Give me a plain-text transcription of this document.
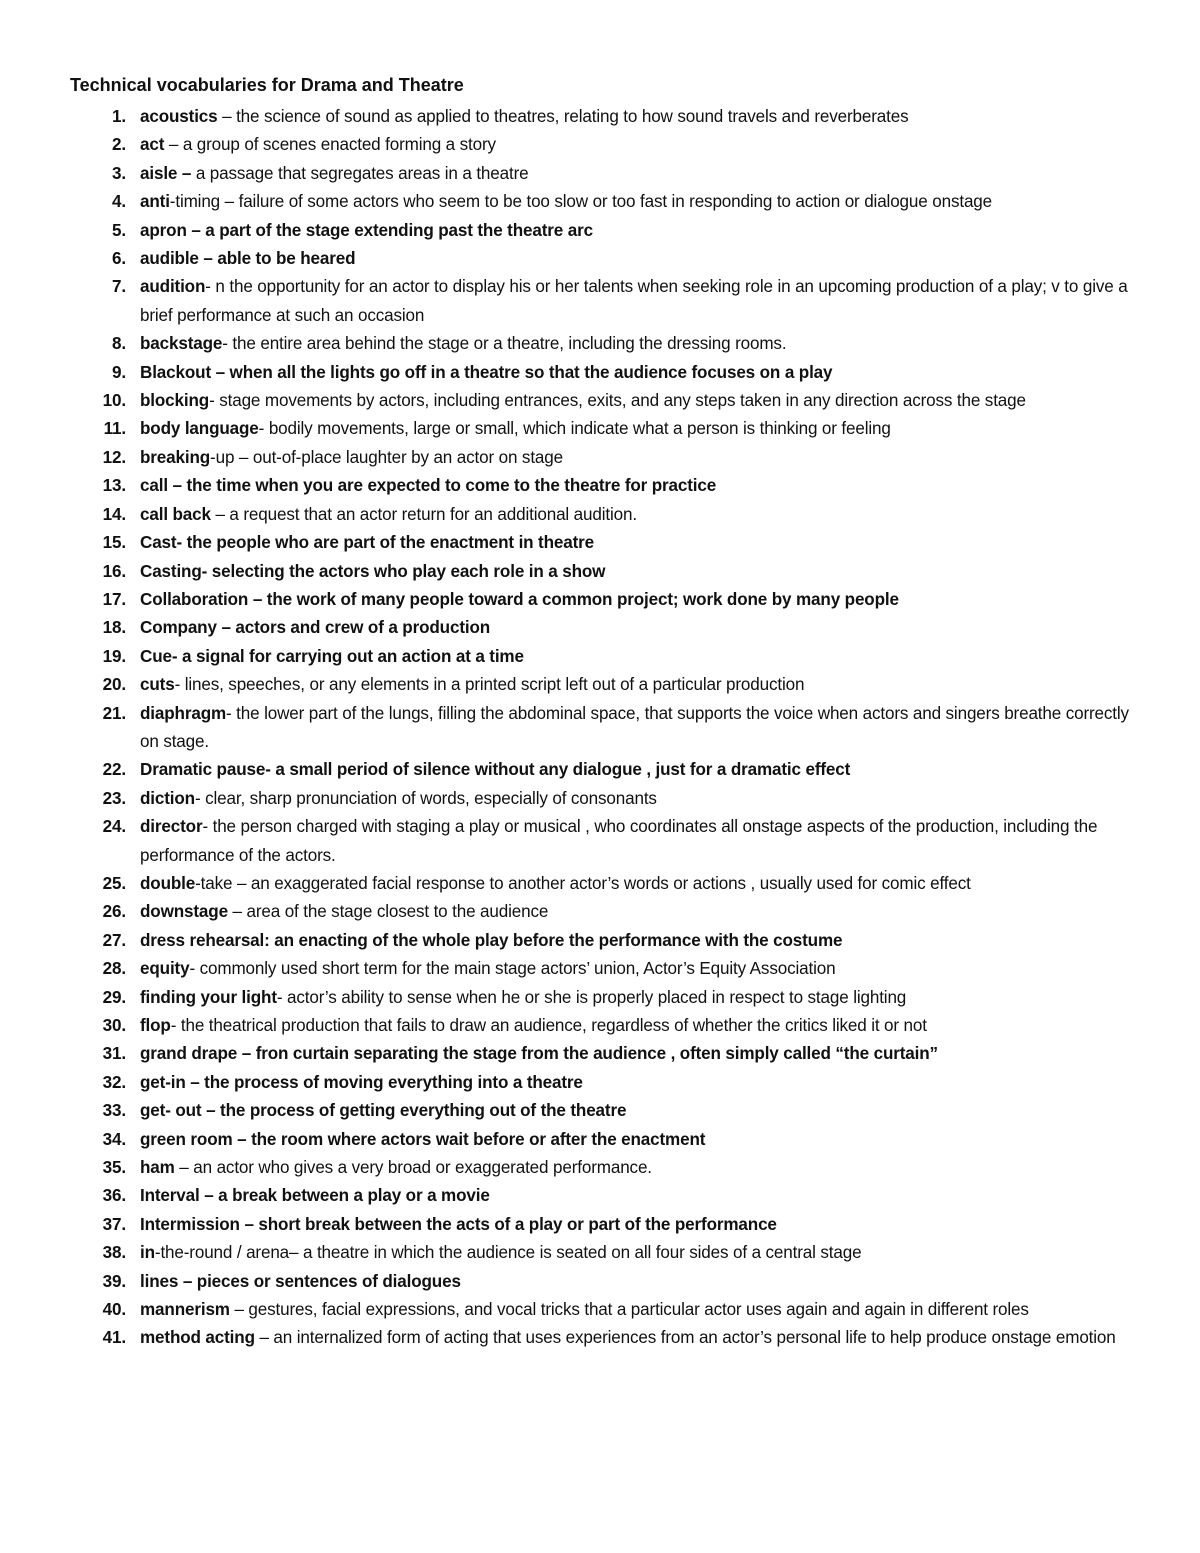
Technical vocabularies for Drama and Theatre
1. acoustics – the science of sound as applied to theatres, relating to how sound travels and reverberates
2. act – a group of scenes enacted forming a story
3. aisle – a passage that segregates areas in a theatre
4. anti-timing – failure of some actors who seem to be too slow or too fast in responding to action or dialogue onstage
5. apron – a part of the stage extending past the theatre arc
6. audible – able to be heared
7. audition- n the opportunity for an actor to display his or her talents when seeking role in an upcoming production of a play; v to give a brief performance at such an occasion
8. backstage- the entire area behind the stage or a theatre, including the dressing rooms.
9. Blackout – when all the lights go off in a theatre so that the audience focuses on a play
10. blocking- stage movements by actors, including entrances, exits, and any steps taken in any direction across the stage
11. body language- bodily movements, large or small, which indicate what a person is thinking or feeling
12. breaking-up – out-of-place laughter by an actor on stage
13. call – the time when you are expected to come to the theatre for practice
14. call back – a request that an actor return for an additional audition.
15. Cast- the people who are part of the enactment in theatre
16. Casting- selecting the actors who play each role in a show
17. Collaboration – the work of many people toward a common project; work done by many people
18. Company – actors and crew of a production
19. Cue- a signal for carrying out an action at a time
20. cuts- lines, speeches, or any elements in a printed script left out of a particular production
21. diaphragm- the lower part of the lungs, filling the abdominal space, that supports the voice when actors and singers breathe correctly on stage.
22. Dramatic pause- a small period of silence without any dialogue , just for a dramatic effect
23. diction- clear, sharp pronunciation of words, especially of consonants
24. director- the person charged with staging a play or musical , who coordinates all onstage aspects of the production, including the performance of the actors.
25. double-take – an exaggerated facial response to another actor’s words or actions , usually used for comic effect
26. downstage – area of the stage closest to the audience
27. dress rehearsal: an enacting of the whole play before the performance with the costume
28. equity- commonly used short term for the main stage actors’ union, Actor’s Equity Association
29. finding your light- actor’s ability to sense when he or she is properly placed in respect to stage lighting
30. flop- the theatrical production that fails to draw an audience, regardless of whether the critics liked it or not
31. grand drape – fron curtain separating the stage from the audience , often simply called “the curtain”
32. get-in – the process of moving everything into a theatre
33. get- out – the process of getting everything out of the theatre
34. green room – the room where actors wait before or after the enactment
35. ham – an actor who gives a very broad or exaggerated performance.
36. Interval – a break between a play or a movie
37. Intermission – short break between the acts of a play or part of the performance
38. in-the-round / arena– a theatre in which the audience is seated on all four sides of a central stage
39. lines – pieces or sentences of dialogues
40. mannerism – gestures, facial expressions, and vocal tricks that a particular actor uses again and again in different roles
41. method acting – an internalized form of acting that uses experiences from an actor’s personal life to help produce onstage emotion
